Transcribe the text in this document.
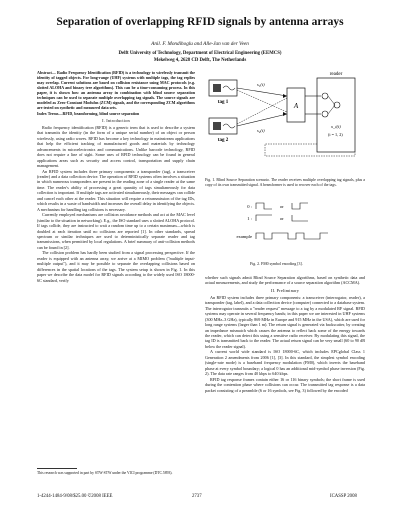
Separation of overlapping RFID signals by antenna arrays
Anil. F. Mondihoglu and Alle-Jan van der Veen
Delft University of Technology, Department of Electrical Engineering (EEMCS)
Mekelweg 4, 2628 CD Delft, The Netherlands
Abstract— Radio Frequency Identification (RFID) is a technology to wirelessly transmit the identity of tagged objects. For long-range (UHF) systems with multiple tags, the tag replies may overlap. Current solutions are based on collision resistance using MAC protocols (e.g. slotted ALOHA and binary tree algorithms). This can be a time-consuming process. In this paper, it is shown how an antenna array in combination with blind source separation techniques can be used to separate multiple overlapping tag signals. The source signals are modeled as Zero-Constant Modulus (ZCM) signals, and the corresponding ZCM algorithms are tested on synthetic and measured data sets.
Index Terms—RFID, beamforming, blind source separation
I. Introduction

Radio frequency identification (RFID) is a generic term that is used to describe a system that transmits the identity (in the form of a unique serial number) of an object or person wirelessly, using radio waves. RFID has become a key technology in mainstream applications that help the efficient tracking of manufactured goods and materials by technology advancements in microelectronics and communications. Unlike barcode technology, RFID does not require a line of sight. Some uses of RFID technology can be found in general applications areas such as security and access control, transportation and supply chain management.

An RFID system includes three primary components: a transponder (tag), a transceiver (reader) and a data collection device. The operation of RFID systems often involves a situation in which numerous transponders are present in the reading zone of a single reader at the same time. The reader's ability of processing a great quantity of tags simultaneously for data collection is important. If multiple tags are activated simultaneously, their messages can collide and cancel each other at the reader. This situation will require a retransmission of the tag IDs, which results in a waste of bandwidth and increases the overall delay in identifying the objects. A mechanism for handling tag collisions is necessary.

Currently employed mechanisms are collision avoidance methods and act at the MAC level (similar to the situation in networking). E.g., the ISO standard uses a slotted ALOHA protocol. If tags collide, they are instructed to wait a random time up to a certain maximum—which is doubled at each iteration until no collisions are reported [1]. In other standards, spread spectrum or similar techniques are used to deterministically separate reader and tag transmissions, when permitted by local regulations. A brief summary of anti-collision methods can be found in [2].

The collision problem has hardly been studied from a signal processing perspective. If the reader is equipped with an antenna array, we arrive at a MIMO problem ("multiple input-multiple output"), and it may be possible to separate the overlapping collisions based on differences in the spatial locations of the tags. The system setup is shown in Fig. 1. In this paper we describe the data model for RFID signals according to the widely used ISO 18000-6C standard, verify

This research was supported in part by STW-STW under the VICI programme (DTC.5893).
reader
A
tag 1
tag 2
s₁(t)
s₂(t)
x_i(t)
(i = 1, 2)
Fig. 1. Blind Source Separation scenario. The reader receives multiple overlapping tag signals, plus a copy of its own transmitted signal. A beamformer is used to recover each of the tags.
0 :	or
1 :	or
example
Fig. 2. FM0 symbol encoding [3].

whether such signals admit Blind Source Separation algorithms, based on synthetic data and actual measurements, and study the performance of a source separation algorithm (ACCMA).

II. Preliminary

An RFID system includes three primary components: a transceiver (interrogator, reader), a transponder (tag, label), and a data collection device (computer) connected to a database system. The interrogator transmits a "reader request" message to a tag by a modulated RF signal. RFID systems may operate in several frequency bands; in this paper we are interested in UHF systems (300 MHz–3 GHz), typically 869 MHz in Europe and 915 MHz in the USA), which are used for long range systems (larger than 1 m). The return signal is generated via backscatter, by creating an impedance mismatch which causes the antenna to reflect back some of the energy towards the reader, which can detect this using a sensitive radio receiver. By modulating this signal, the tag ID is transmitted back to the reader. The actual return signal can be very small (60 to 90 dB below the reader signal).

A current world wide standard is ISO 18000-6C, which includes EPCglobal Class 1 Generation 2 amendments from 2006 [1], [3]. In this standard, the simplest symbol encoding (single-rate mode) is a baseband frequency modulation (FM0), which inverts the baseband phase at every symbol boundary; a logical 0 has an additional mid-symbol phase inversion (Fig. 2). The data rate ranges from 40 kbps to 640 kbps.

RFID tag response frames contain either 16 or 116 binary symbols; the short frame is used during the contention phase where collisions can occur. The transmitted tag response is a data packet consisting of a preamble (6 or 16 symbols, see Fig. 3) followed by the encoded

1-4244-1484-9/08/$25.00 ©2008 IEEE	2737	ICASSP 2008
